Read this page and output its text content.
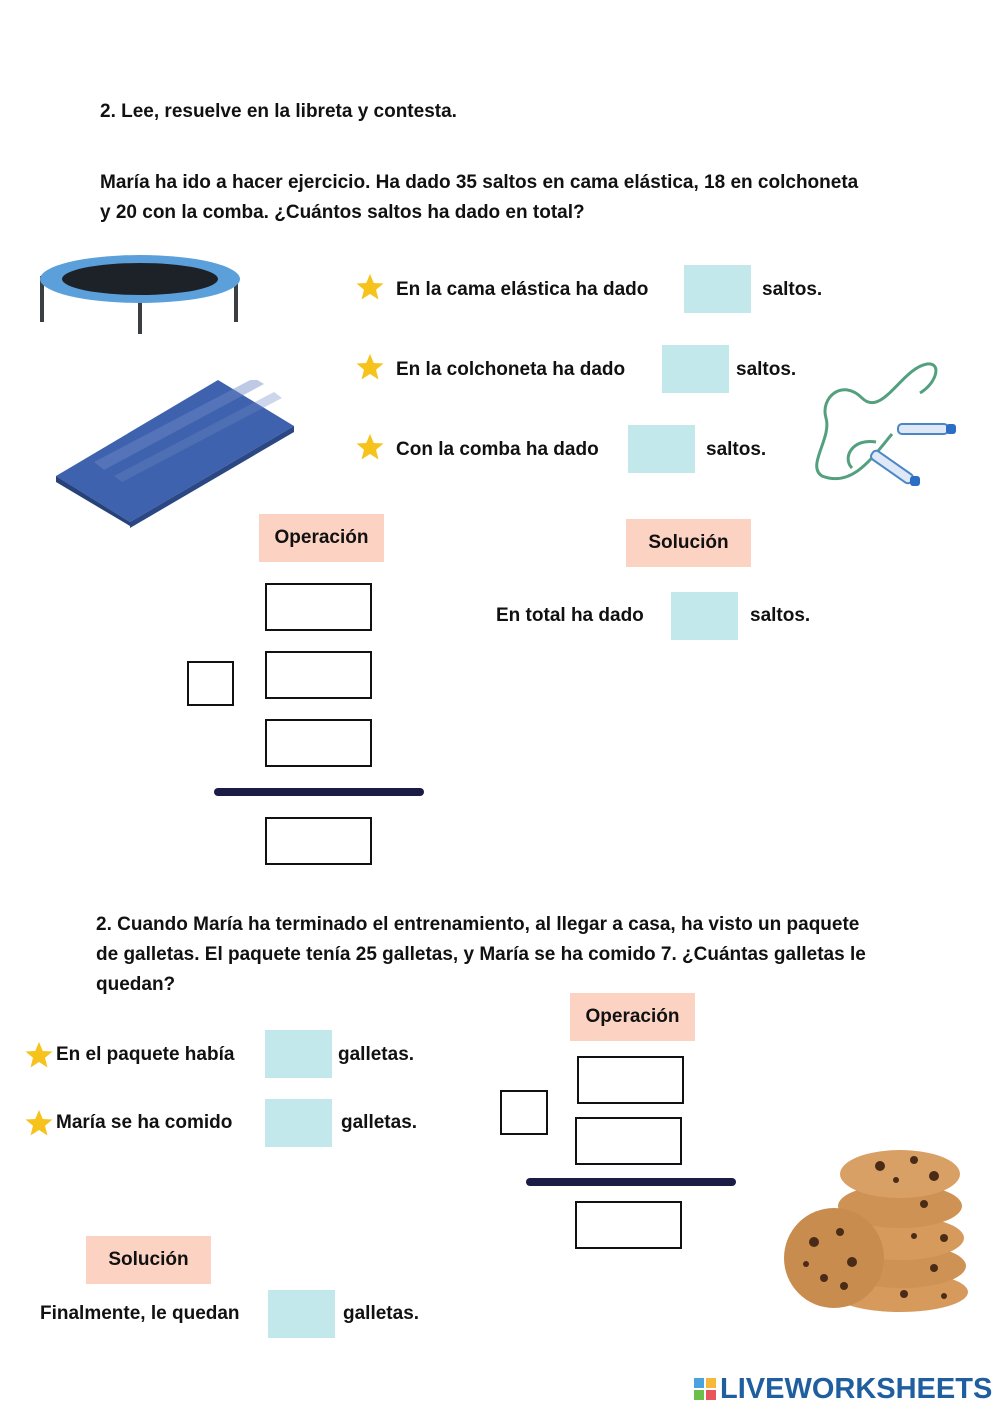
2. Lee, resuelve en la libreta y contesta.
María ha ido a hacer ejercicio. Ha dado 35 saltos en cama elástica, 18 en colchoneta y 20 con la comba. ¿Cuántos saltos ha dado en total?
En la cama elástica ha dado	saltos.
En la colchoneta ha dado	saltos.
Con la comba ha dado	saltos.
Operación	Solución
En total ha dado	saltos.
2. Cuando María ha terminado el entrenamiento, al llegar a casa, ha visto un paquete de galletas. El paquete tenía 25 galletas, y María se ha comido 7. ¿Cuántas galletas le quedan?
En el paquete había	galletas.
María se ha comido	galletas.
Operación
Solución
Finalmente, le quedan	galletas.
LIVEWORKSHEETS
